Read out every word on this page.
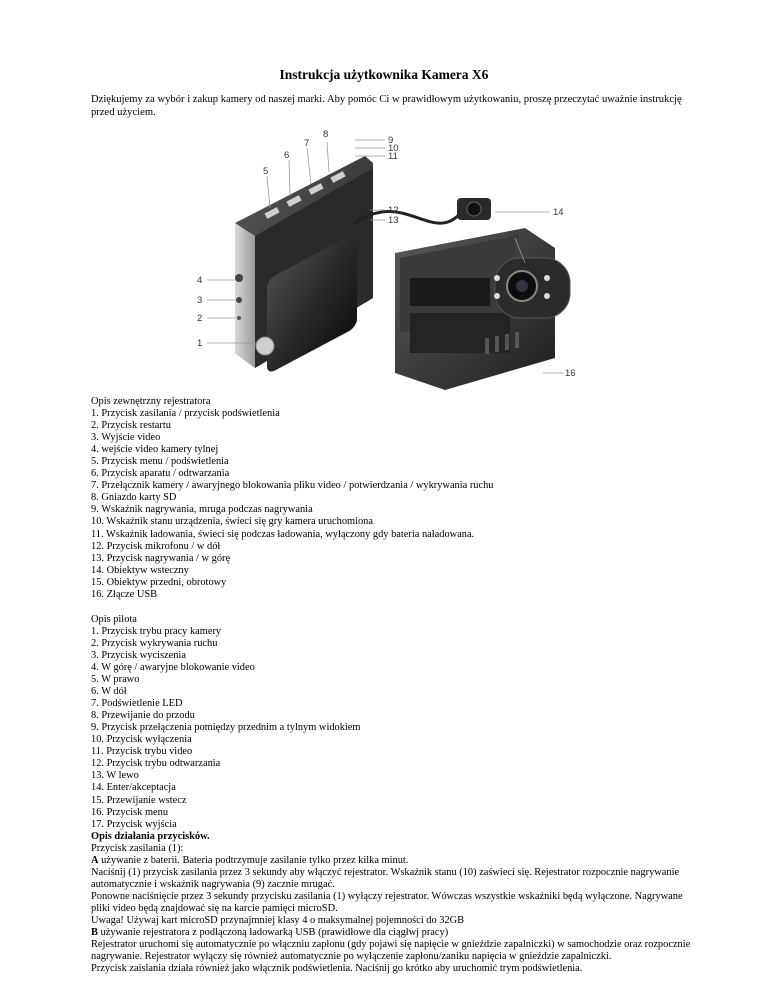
Instrukcja użytkownika Kamera X6
Dziękujemy za wybór i zakup kamery od naszej marki. Aby pomóc Ci w prawidłowym użytkowaniu, proszę przeczytać uważnie instrukcję przed użyciem.
1
2
3
4
5
6
7
8
9
10
11
12
13
14
15
16

Opis zewnętrzny rejestratora

1. Przycisk zasilania / przycisk podświetlenia

2. Przycisk restartu

3. Wyjście video

4. wejście video kamery tylnej

5. Przycisk menu / podświetlenia

6. Przycisk aparatu / odtwarzania

7. Przełącznik kamery / awaryjnego blokowania pliku video / potwierdzania / wykrywania ruchu

8. Gniazdo karty SD

9. Wskaźnik nagrywania, mruga podczas nagrywania

10. Wskaźnik stanu urządzenia, świeci się gry kamera uruchomiona

11. Wskaźnik ładowania, świeci się podczas ładowania, wyłączony gdy bateria naładowana.

12. Przycisk mikrofonu / w dół

13. Przycisk nagrywania / w górę

14. Obiektyw wsteczny

15. Obiektyw przedni, obrotowy

16. Złącze USB

Opis pilota

1. Przycisk trybu pracy kamery

2. Przycisk wykrywania ruchu

3. Przycisk wyciszenia

4. W górę / awaryjne blokowanie video

5. W prawo

6. W dół

7. Podświetlenie LED

8. Przewijanie do przodu

9. Przycisk przełączenia pomiędzy przednim a tylnym widokiem

10. Przycisk wyłączenia

11. Przycisk trybu video

12. Przycisk trybu odtwarzania

13. W lewo

14. Enter/akceptacja

15. Przewijanie wstecz

16. Przycisk menu

17. Przycisk wyjścia

Opis działania przycisków.

Przycisk zasilania (1):

A używanie z baterii. Bateria podtrzymuje zasilanie tylko przez kilka minut.

Naciśnij (1) przycisk zasilania przez 3 sekundy aby włączyć rejestrator. Wskaźnik stanu (10) zaświeci się. Rejestrator rozpocznie nagrywanie automatycznie i wskaźnik nagrywania (9) zacznie mrugać.

Ponowne naciśnięcie przez 3 sekundy przycisku zasilania (1) wyłączy rejestrator. Wówczas wszystkie wskaźniki będą wyłączone. Nagrywane pliki video będą znajdować się na karcie pamięci microSD.

Uwaga! Używaj kart microSD przynajmniej klasy 4 o maksymalnej pojemności do 32GB

B używanie rejestratora z podłączoną ładowarką USB (prawidłowe dla ciągłwj pracy)

Rejestrator uruchomi się automatycznie po włączniu zapłonu (gdy pojawi się napięcie w gnieździe zapalniczki) w samochodzie oraz rozpocznie nagrywanie. Rejestrator wyłączy się również automatycznie po wyłączenie zapłonu/zaniku napięcia w gnieździe zapalniczki.

Przycisk zaislania działa również jako włącznik podświetlenia. Naciśnij go krótko aby uruchomić trym podświetlenia.
